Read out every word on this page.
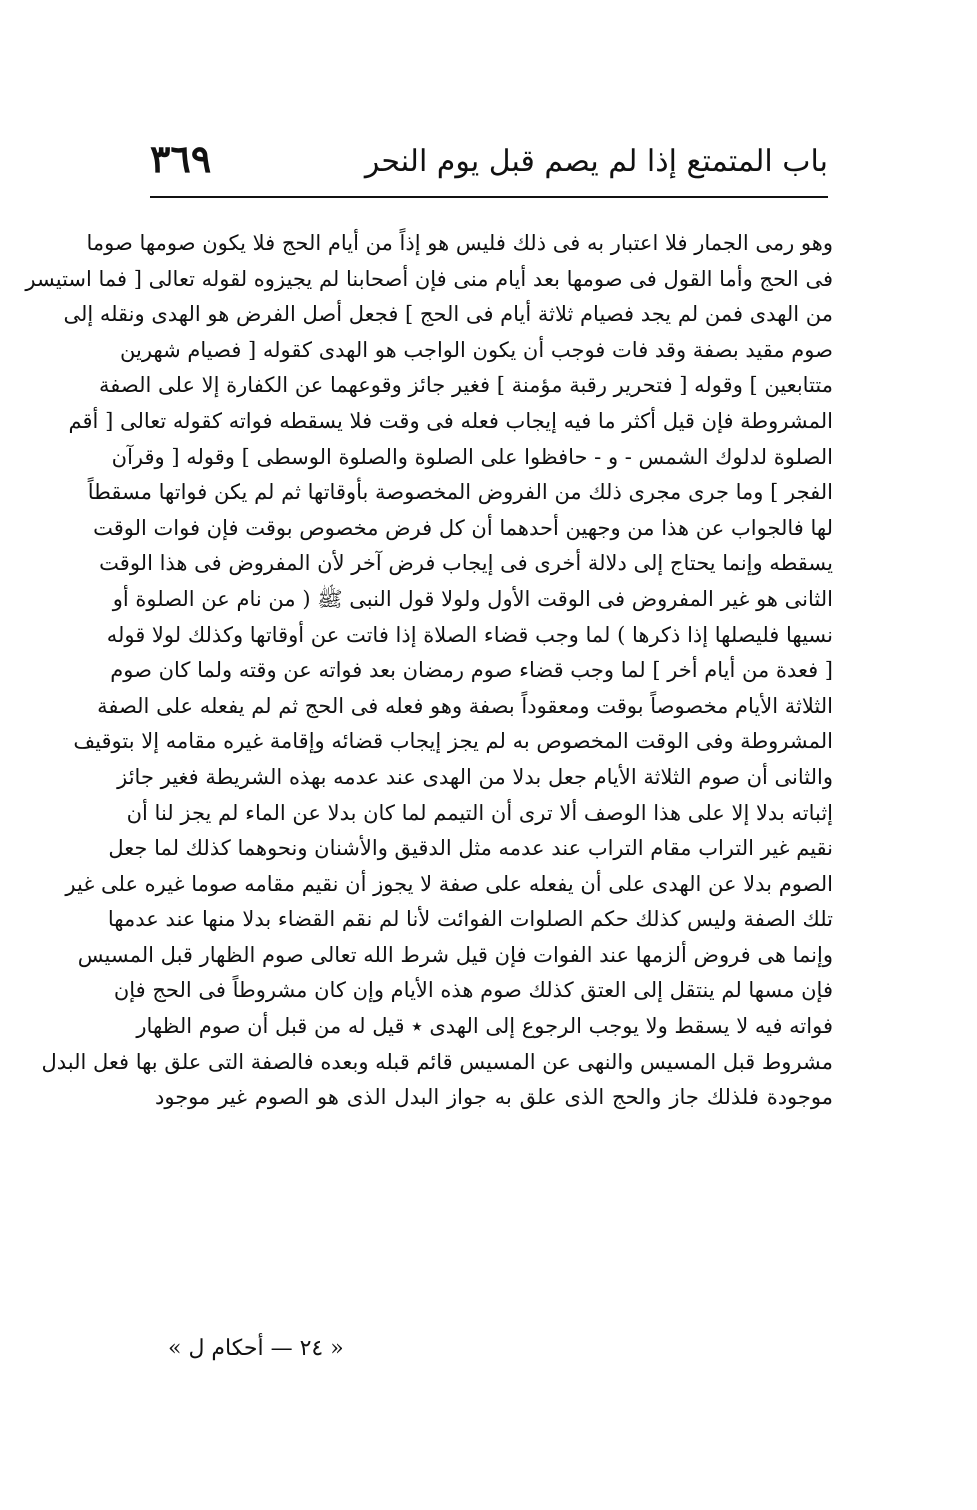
باب المتمتع إذا لم يصم قبل يوم النحر
٣٦٩
وهو رمى الجمار فلا اعتبار به فى ذلك فليس هو إذاً من أيام الحج فلا يكون صومها صوما
فى الحج وأما القول فى صومها بعد أيام منى فإن أصحابنا لم يجيزوه لقوله تعالى [ فما استيسر
من الهدى فمن لم يجد فصيام ثلاثة أيام فى الحج ] فجعل أصل الفرض هو الهدى ونقله إلى
صوم مقيد بصفة وقد فات فوجب أن يكون الواجب هو الهدى كقوله [ فصيام شهرين
متتابعين ] وقوله [ فتحرير رقبة مؤمنة ] فغير جائز وقوعهما عن الكفارة إلا على الصفة
المشروطة فإن قيل أكثر ما فيه إيجاب فعله فى وقت فلا يسقطه فواته كقوله تعالى [ أقم
الصلوة لدلوك الشمس - و - حافظوا على الصلوة والصلوة الوسطى ] وقوله [ وقرآن
الفجر ] وما جرى مجرى ذلك من الفروض المخصوصة بأوقاتها ثم لم يكن فواتها مسقطاً
لها فالجواب عن هذا من وجهين أحدهما أن كل فرض مخصوص بوقت فإن فوات الوقت
يسقطه وإنما يحتاج إلى دلالة أخرى فى إيجاب فرض آخر لأن المفروض فى هذا الوقت
الثانى هو غير المفروض فى الوقت الأول ولولا قول النبى ﷺ ( من نام عن الصلوة أو
نسيها فليصلها إذا ذكرها ) لما وجب قضاء الصلاة إذا فاتت عن أوقاتها وكذلك لولا قوله
[ فعدة من أيام أخر ] لما وجب قضاء صوم رمضان بعد فواته عن وقته ولما كان صوم
الثلاثة الأيام مخصوصاً بوقت ومعقوداً بصفة وهو فعله فى الحج ثم لم يفعله على الصفة
المشروطة وفى الوقت المخصوص به لم يجز إيجاب قضائه وإقامة غيره مقامه إلا بتوقيف
والثانى أن صوم الثلاثة الأيام جعل بدلا من الهدى عند عدمه بهذه الشريطة فغير جائز
إثباته بدلا إلا على هذا الوصف ألا ترى أن التيمم لما كان بدلا عن الماء لم يجز لنا أن
نقيم غير التراب مقام التراب عند عدمه مثل الدقيق والأشنان ونحوهما كذلك لما جعل
الصوم بدلا عن الهدى على أن يفعله على صفة لا يجوز أن نقيم مقامه صوما غيره على غير
تلك الصفة وليس كذلك حكم الصلوات الفوائت لأنا لم نقم القضاء بدلا منها عند عدمها
وإنما هى فروض ألزمها عند الفوات فإن قيل شرط الله تعالى صوم الظهار قبل المسيس
فإن مسها لم ينتقل إلى العتق كذلك صوم هذه الأيام وإن كان مشروطاً فى الحج فإن
فواته فيه لا يسقط ولا يوجب الرجوع إلى الهدى ٭ قيل له من قبل أن صوم الظهار
مشروط قبل المسيس والنهى عن المسيس قائم قبله وبعده فالصفة التى علق بها فعل البدل
موجودة فلذلك جاز والحج الذى علق به جواز البدل الذى هو الصوم غير موجود
« ٢٤ — أحكام ل »
